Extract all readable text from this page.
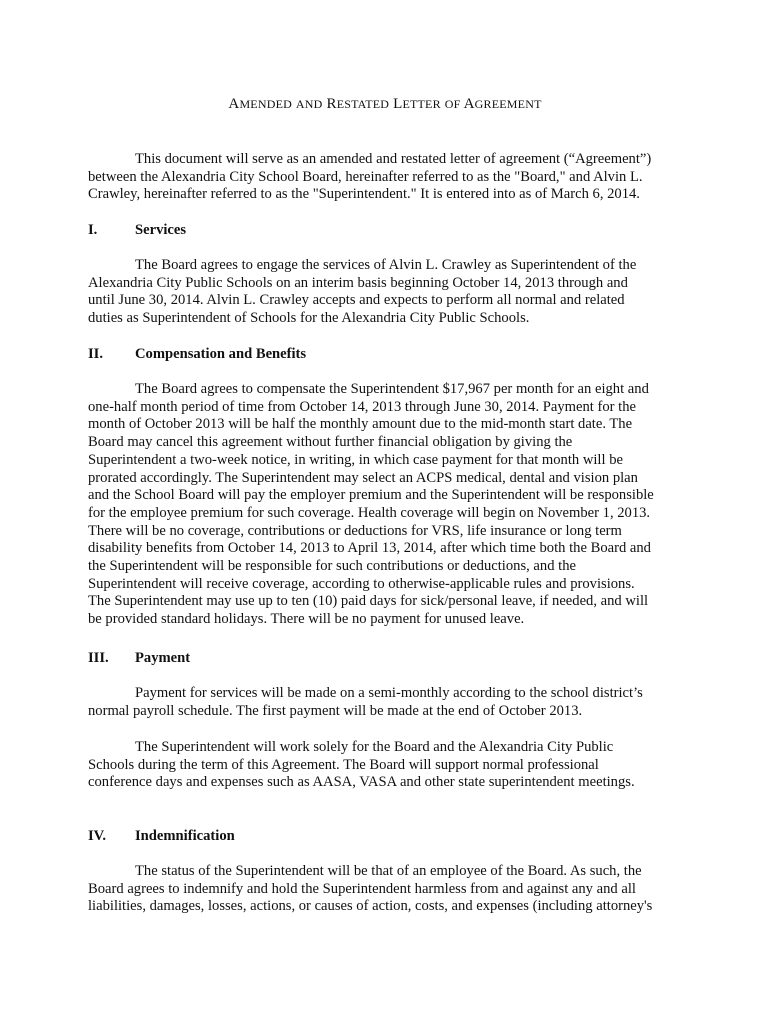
AMENDED AND RESTATED LETTER OF AGREEMENT

This document will serve as an amended and restated letter of agreement (“Agreement”)
between the Alexandria City School Board, hereinafter referred to as the "Board," and Alvin L.
Crawley, hereinafter referred to as the "Superintendent." It is entered into as of March 6, 2014.

I.	Services

The Board agrees to engage the services of Alvin L. Crawley as Superintendent of the
Alexandria City Public Schools on an interim basis beginning October 14, 2013 through and
until June 30, 2014. Alvin L. Crawley accepts and expects to perform all normal and related
duties as Superintendent of Schools for the Alexandria City Public Schools.

II. Compensation and Benefits

The Board agrees to compensate the Superintendent $17,967 per month for an eight and
one-half month period of time from October 14, 2013 through June 30, 2014. Payment for the
month of October 2013 will be half the monthly amount due to the mid-month start date. The
Board may cancel this agreement without further financial obligation by giving the
Superintendent a two-week notice, in writing, in which case payment for that month will be
prorated accordingly. The Superintendent may select an ACPS medical, dental and vision plan
and the School Board will pay the employer premium and the Superintendent will be responsible
for the employee premium for such coverage. Health coverage will begin on November 1, 2013.
There will be no coverage, contributions or deductions for VRS, life insurance or long term
disability benefits from October 14, 2013 to April 13, 2014, after which time both the Board and
the Superintendent will be responsible for such contributions or deductions, and the
Superintendent will receive coverage, according to otherwise-applicable rules and provisions.
The Superintendent may use up to ten (10) paid days for sick/personal leave, if needed, and will
be provided standard holidays. There will be no payment for unused leave.

III. Payment

Payment for services will be made on a semi-monthly according to the school district’s
normal payroll schedule. The first payment will be made at the end of October 2013.

The Superintendent will work solely for the Board and the Alexandria City Public
Schools during the term of this Agreement. The Board will support normal professional
conference days and expenses such as AASA, VASA and other state superintendent meetings.

IV. Indemnification

The status of the Superintendent will be that of an employee of the Board. As such, the
Board agrees to indemnify and hold the Superintendent harmless from and against any and all
liabilities, damages, losses, actions, or causes of action, costs, and expenses (including attorney's
